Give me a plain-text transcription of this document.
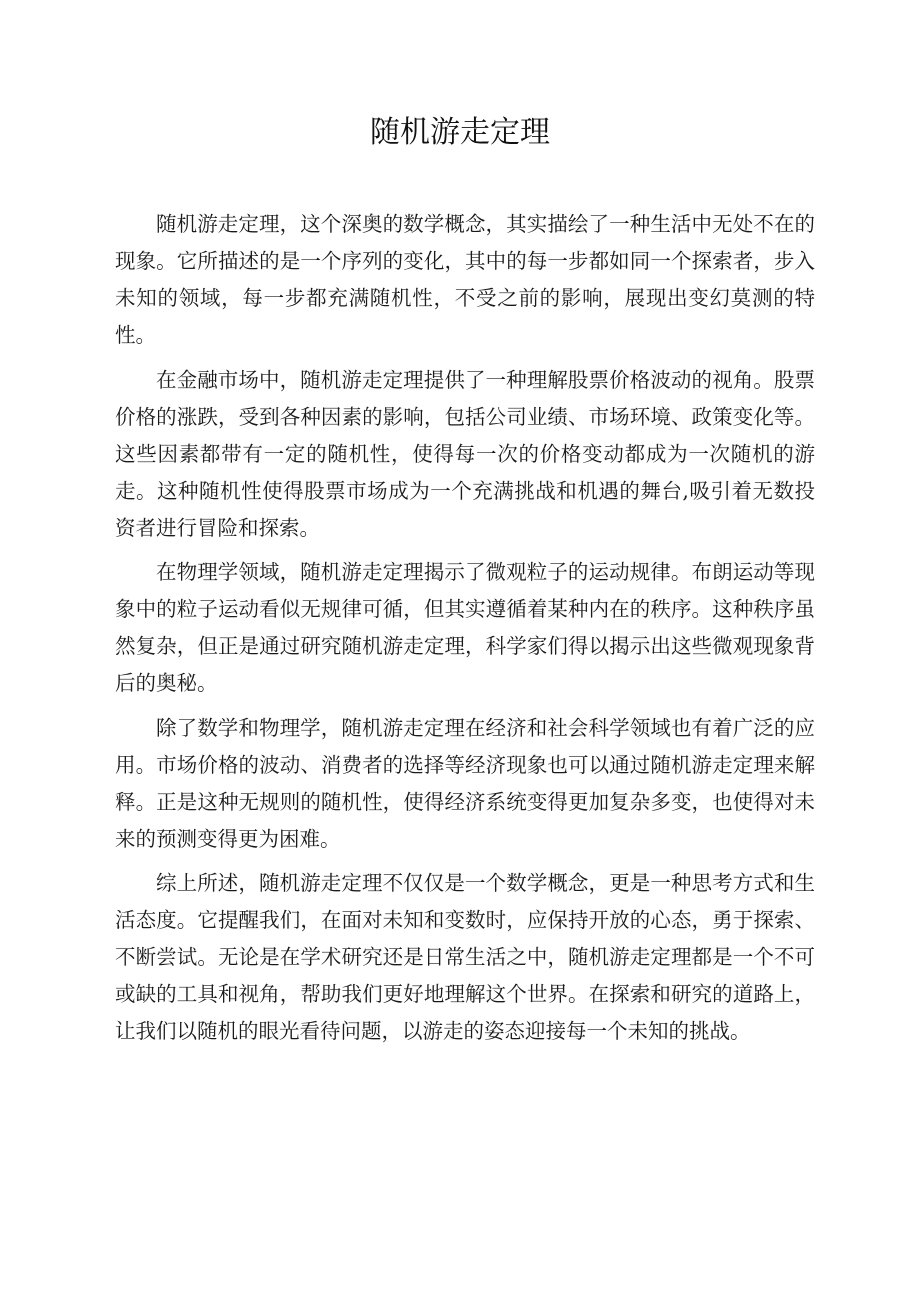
随机游走定理

随机游走定理，这个深奥的数学概念，其实描绘了一种生活中无处不在的现象。它所描述的是一个序列的变化，其中的每一步都如同一个探索者，步入未知的领域，每一步都充满随机性，不受之前的影响，展现出变幻莫测的特性。

在金融市场中，随机游走定理提供了一种理解股票价格波动的视角。股票价格的涨跌，受到各种因素的影响，包括公司业绩、市场环境、政策变化等。这些因素都带有一定的随机性，使得每一次的价格变动都成为一次随机的游走。这种随机性使得股票市场成为一个充满挑战和机遇的舞台,吸引着无数投资者进行冒险和探索。

在物理学领域，随机游走定理揭示了微观粒子的运动规律。布朗运动等现象中的粒子运动看似无规律可循，但其实遵循着某种内在的秩序。这种秩序虽然复杂，但正是通过研究随机游走定理，科学家们得以揭示出这些微观现象背后的奥秘。

除了数学和物理学，随机游走定理在经济和社会科学领域也有着广泛的应用。市场价格的波动、消费者的选择等经济现象也可以通过随机游走定理来解释。正是这种无规则的随机性，使得经济系统变得更加复杂多变，也使得对未来的预测变得更为困难。

综上所述，随机游走定理不仅仅是一个数学概念，更是一种思考方式和生活态度。它提醒我们，在面对未知和变数时，应保持开放的心态，勇于探索、不断尝试。无论是在学术研究还是日常生活之中，随机游走定理都是一个不可或缺的工具和视角，帮助我们更好地理解这个世界。在探索和研究的道路上，让我们以随机的眼光看待问题，以游走的姿态迎接每一个未知的挑战。
